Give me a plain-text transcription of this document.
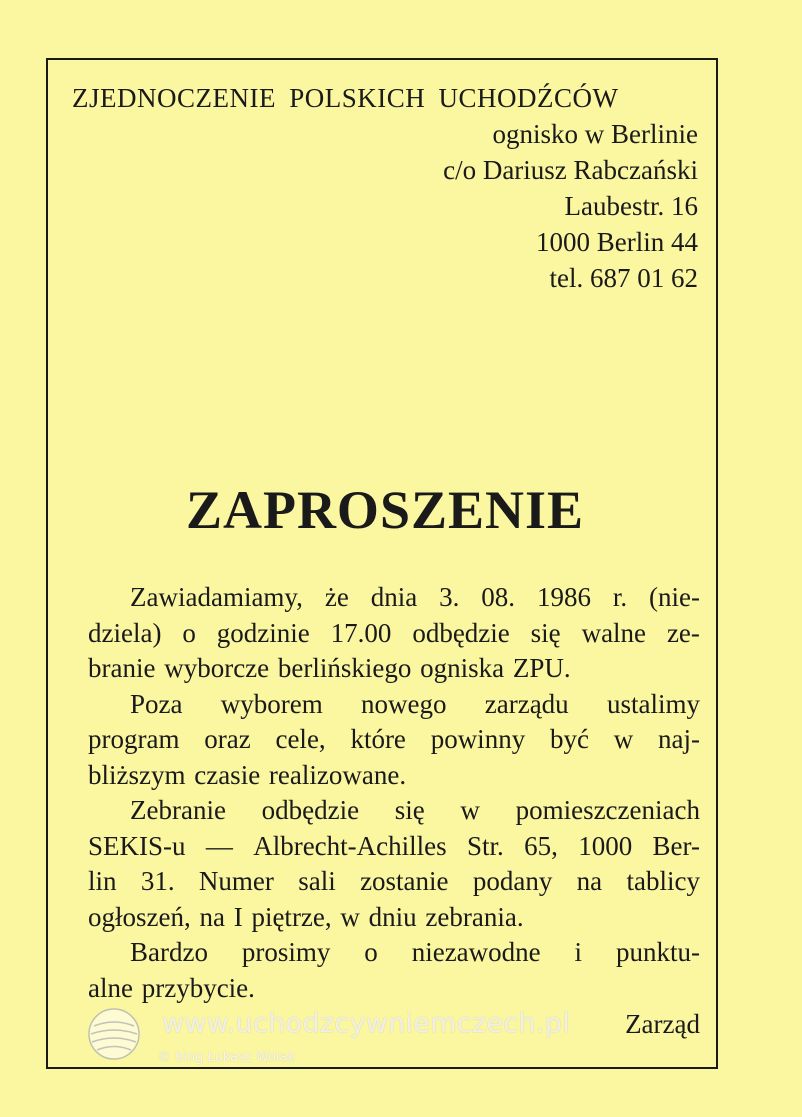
ZJEDNOCZENIE POLSKICH UCHODŹCÓW
ognisko w Berlinie
c/o Dariusz Rabczański
Laubestr. 16
1000 Berlin 44
tel. 687 01 62
ZAPROSZENIE
Zawiadamiamy, że dnia 3. 08. 1986 r. (nie-
dziela) o godzinie 17.00 odbędzie się walne ze-
branie wyborcze berlińskiego ogniska ZPU.
Poza wyborem nowego zarządu ustalimy
program oraz cele, które powinny być w naj-
bliższym czasie realizowane.
Zebranie odbędzie się w pomieszczeniach
SEKIS-u — Albrecht-Achilles Str. 65, 1000 Ber-
lin 31. Numer sali zostanie podany na tablicy
ogłoszeń, na I piętrze, w dniu zebrania.
Bardzo prosimy o niezawodne i punktu-
alne przybycie.
Zarząd
www.uchodzcywniemczech.pl
© blog Łukasz Wolak
